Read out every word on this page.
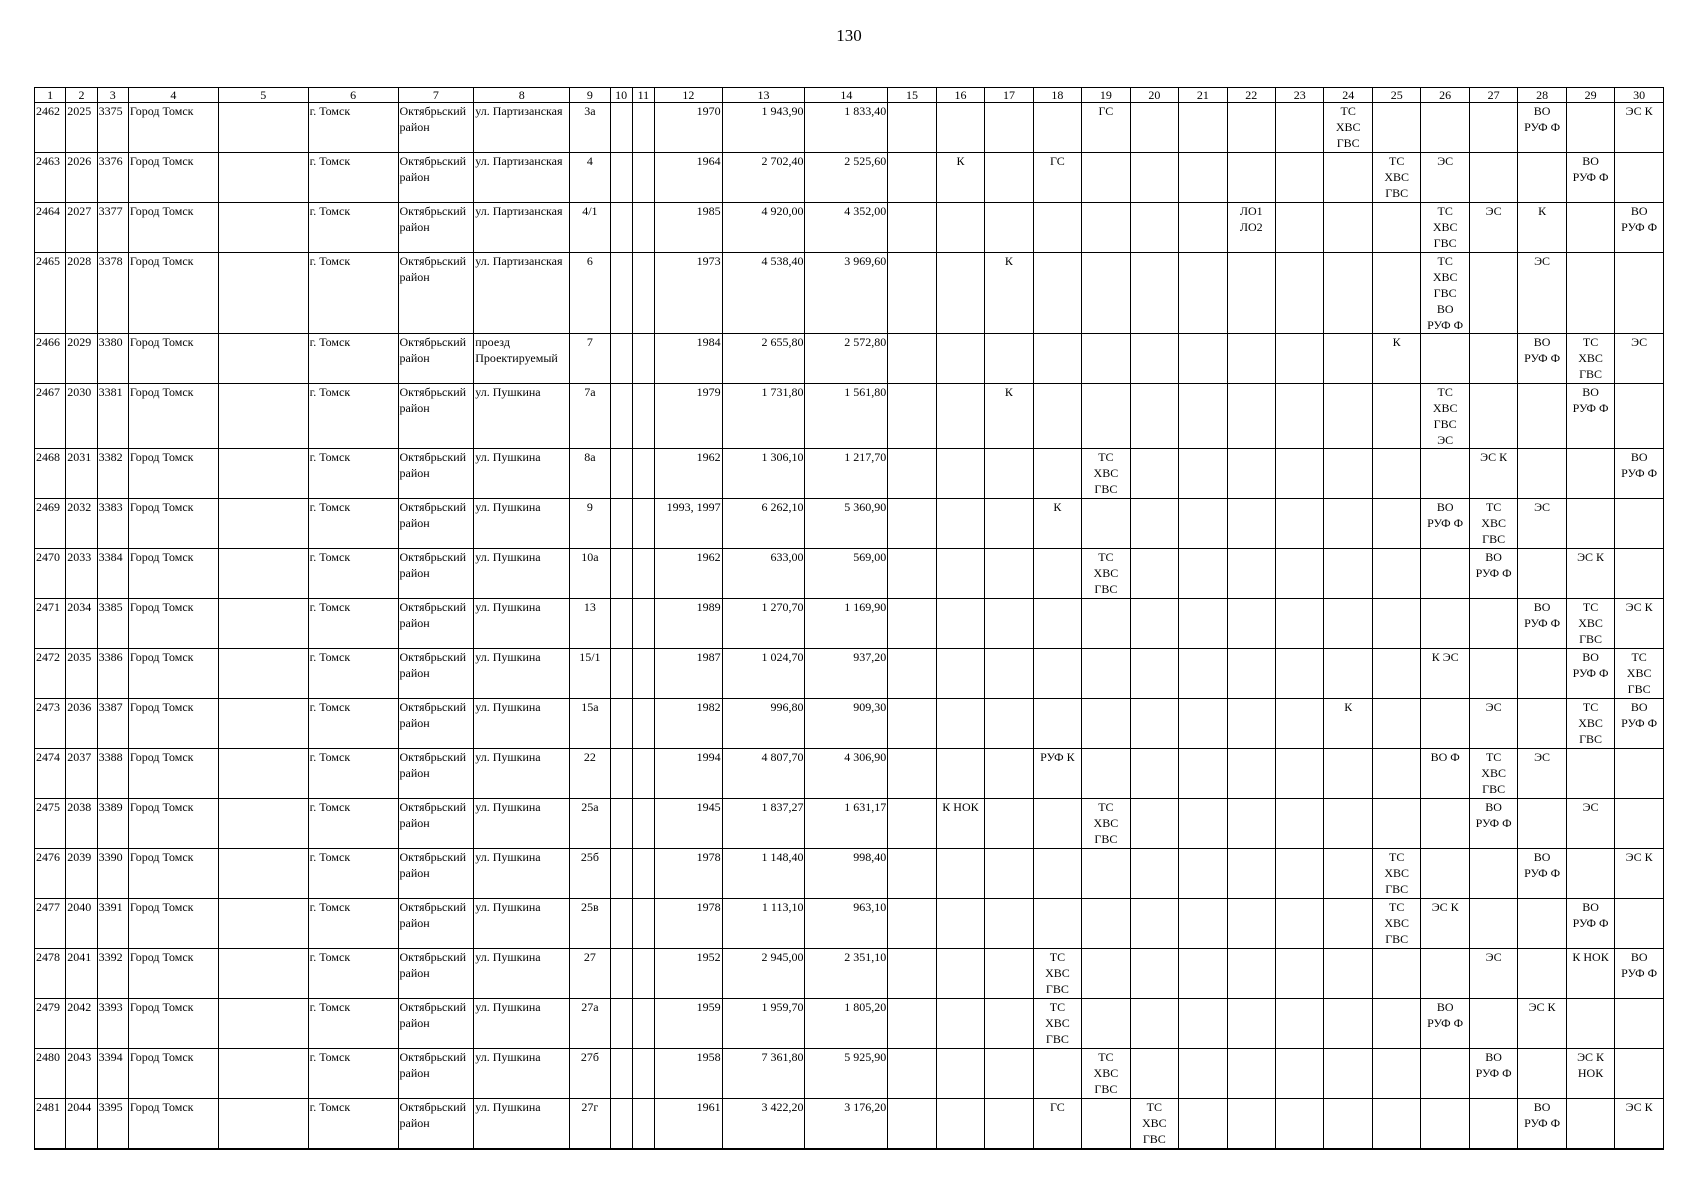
130
1	2	3	4	5	6	7	8	9	10	11	12	13	14	15	16	17	18	19	20	21	22	23	24	25	26	27	28	29	30
2462	2025	3375	Город Томск		г. Томск	Октябрьский район	ул. Партизанская	3а			1970	1 943,90	1 833,40					ГС					ТС
ХВС
ГВС				ВО
РУФ Ф		ЭС К
2463	2026	3376	Город Томск		г. Томск	Октябрьский район	ул. Партизанская	4			1964	2 702,40	2 525,60		К		ГС							ТС
ХВС
ГВС	ЭС			ВО
РУФ Ф	
2464	2027	3377	Город Томск		г. Томск	Октябрьский район	ул. Партизанская	4/1			1985	4 920,00	4 352,00								ЛО1
ЛО2				ТС
ХВС
ГВС	ЭС	К		ВО
РУФ Ф
2465	2028	3378	Город Томск		г. Томск	Октябрьский район	ул. Партизанская	6			1973	4 538,40	3 969,60			К									ТС
ХВС
ГВС
ВО
РУФ Ф		ЭС		
2466	2029	3380	Город Томск		г. Томск	Октябрьский район	проезд Проектируемый	7			1984	2 655,80	2 572,80											К			ВО
РУФ Ф	ТС
ХВС
ГВС	ЭС
2467	2030	3381	Город Томск		г. Томск	Октябрьский район	ул. Пушкина	7а			1979	1 731,80	1 561,80			К									ТС
ХВС
ГВС
ЭС			ВО
РУФ Ф	
2468	2031	3382	Город Томск		г. Томск	Октябрьский район	ул. Пушкина	8а			1962	1 306,10	1 217,70					ТС
ХВС
ГВС								ЭС К			ВО
РУФ Ф
2469	2032	3383	Город Томск		г. Томск	Октябрьский район	ул. Пушкина	9			1993, 1997	6 262,10	5 360,90				К								ВО
РУФ Ф	ТС
ХВС
ГВС	ЭС		
2470	2033	3384	Город Томск		г. Томск	Октябрьский район	ул. Пушкина	10а			1962	633,00	569,00					ТС
ХВС
ГВС								ВО
РУФ Ф		ЭС К	
2471	2034	3385	Город Томск		г. Томск	Октябрьский район	ул. Пушкина	13			1989	1 270,70	1 169,90														ВО
РУФ Ф	ТС
ХВС
ГВС	ЭС К
2472	2035	3386	Город Томск		г. Томск	Октябрьский район	ул. Пушкина	15/1			1987	1 024,70	937,20												К ЭС			ВО
РУФ Ф	ТС
ХВС
ГВС
2473	2036	3387	Город Томск		г. Томск	Октябрьский район	ул. Пушкина	15а			1982	996,80	909,30										К			ЭС		ТС
ХВС
ГВС	ВО
РУФ Ф
2474	2037	3388	Город Томск		г. Томск	Октябрьский район	ул. Пушкина	22			1994	4 807,70	4 306,90				РУФ К								ВО Ф	ТС
ХВС
ГВС	ЭС		
2475	2038	3389	Город Томск		г. Томск	Октябрьский район	ул. Пушкина	25а			1945	1 837,27	1 631,17		К НОК			ТС
ХВС
ГВС								ВО
РУФ Ф		ЭС	
2476	2039	3390	Город Томск		г. Томск	Октябрьский район	ул. Пушкина	25б			1978	1 148,40	998,40											ТС
ХВС
ГВС			ВО
РУФ Ф		ЭС К
2477	2040	3391	Город Томск		г. Томск	Октябрьский район	ул. Пушкина	25в			1978	1 113,10	963,10											ТС
ХВС
ГВС	ЭС К			ВО
РУФ Ф	
2478	2041	3392	Город Томск		г. Томск	Октябрьский район	ул. Пушкина	27			1952	2 945,00	2 351,10				ТС
ХВС
ГВС									ЭС		К НОК	ВО
РУФ Ф
2479	2042	3393	Город Томск		г. Томск	Октябрьский район	ул. Пушкина	27а			1959	1 959,70	1 805,20				ТС
ХВС
ГВС								ВО
РУФ Ф		ЭС К		
2480	2043	3394	Город Томск		г. Томск	Октябрьский район	ул. Пушкина	27б			1958	7 361,80	5 925,90					ТС
ХВС
ГВС								ВО
РУФ Ф		ЭС К
НОК	
2481	2044	3395	Город Томск		г. Томск	Октябрьский район	ул. Пушкина	27г			1961	3 422,20	3 176,20				ГС		ТС
ХВС
ГВС								ВО
РУФ Ф		ЭС К
